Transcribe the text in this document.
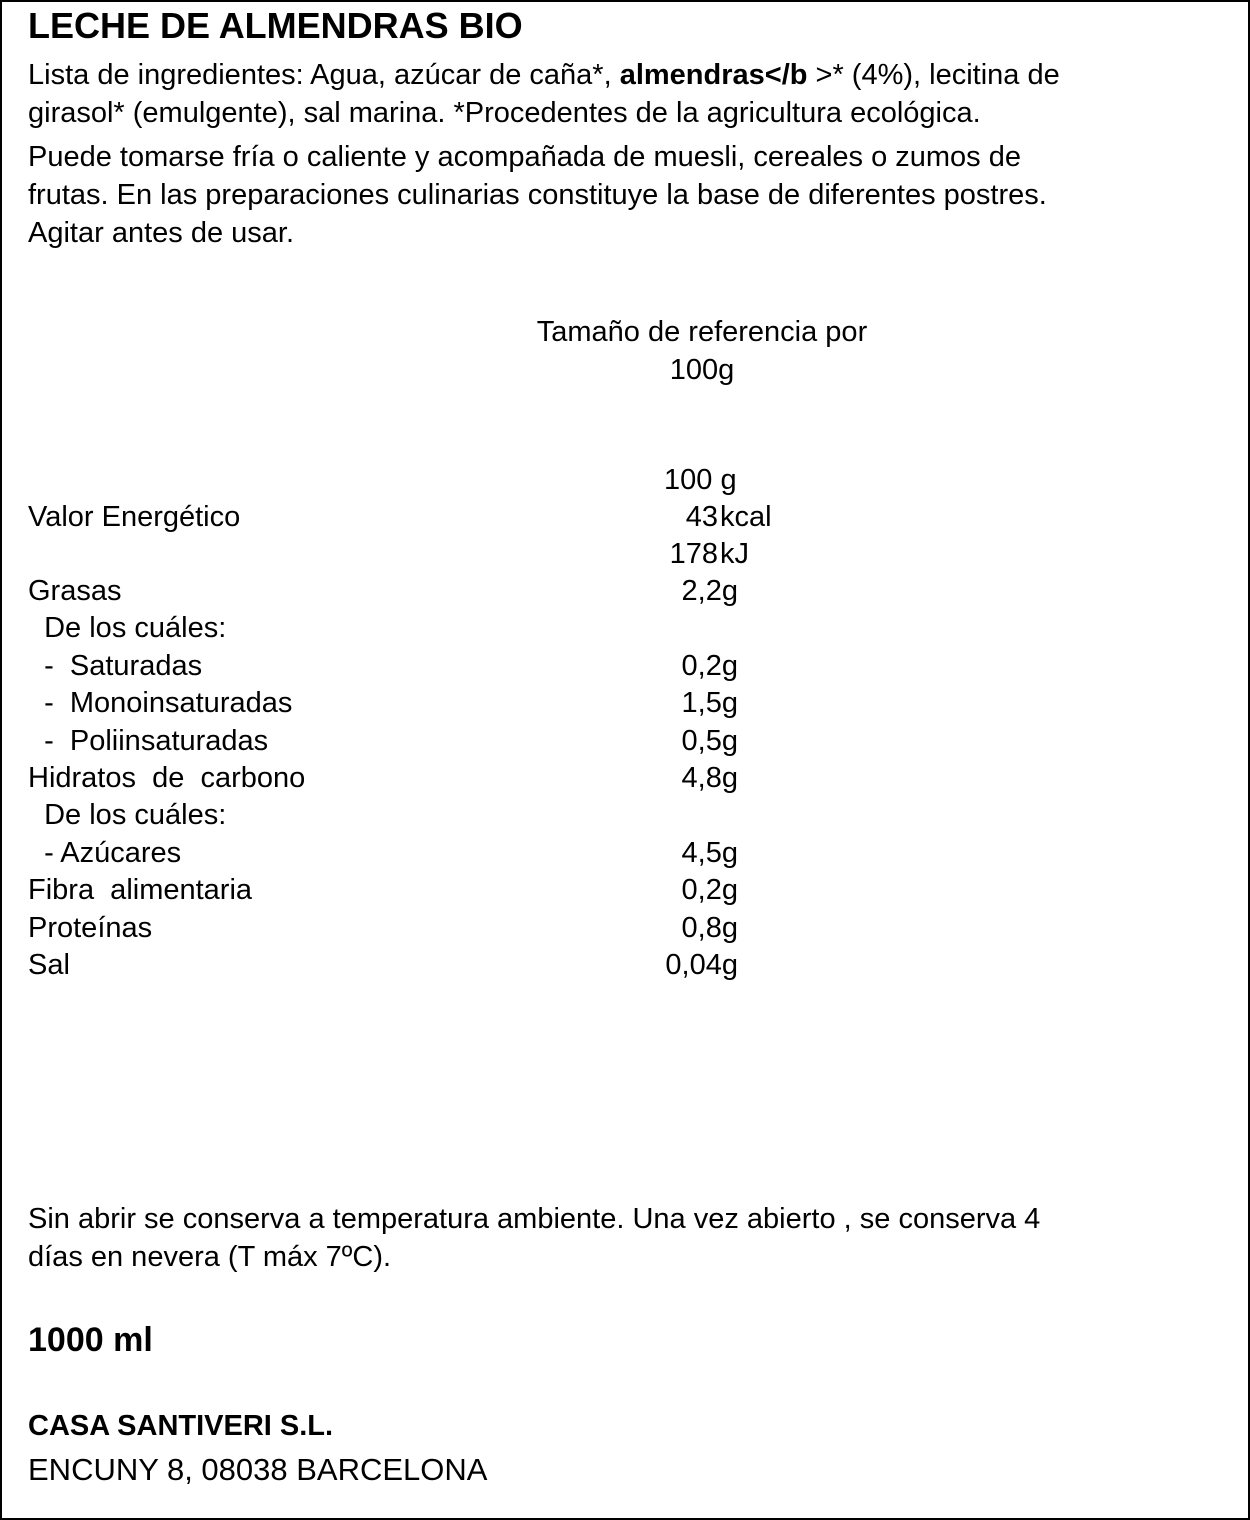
LECHE DE ALMENDRAS BIO
Lista de ingredientes: Agua, azúcar de caña*, almendras</b >* (4%), lecitina de
girasol* (emulgente), sal marina. *Procedentes de la agricultura ecológica.
Puede tomarse fría o caliente y acompañada de muesli, cereales o zumos de
frutas. En las preparaciones culinarias constituye la base de diferentes postres.
Agitar antes de usar.
Tamaño de referencia por
100g
100 g
Valor Energético	43 kcal
178 kJ
Grasas	2,2g
De los cuáles:
-  Saturadas	0,2g
-  Monoinsaturadas	1,5g
-  Poliinsaturadas	0,5g
Hidratos  de  carbono	4,8g
De los cuáles:
- Azúcares	4,5g
Fibra  alimentaria	0,2g
Proteínas	0,8g
Sal	0,04g
Sin abrir se conserva a temperatura ambiente. Una vez abierto , se conserva 4
días en nevera (T máx 7ºC).
1000 ml
CASA SANTIVERI S.L.
ENCUNY 8, 08038 BARCELONA
